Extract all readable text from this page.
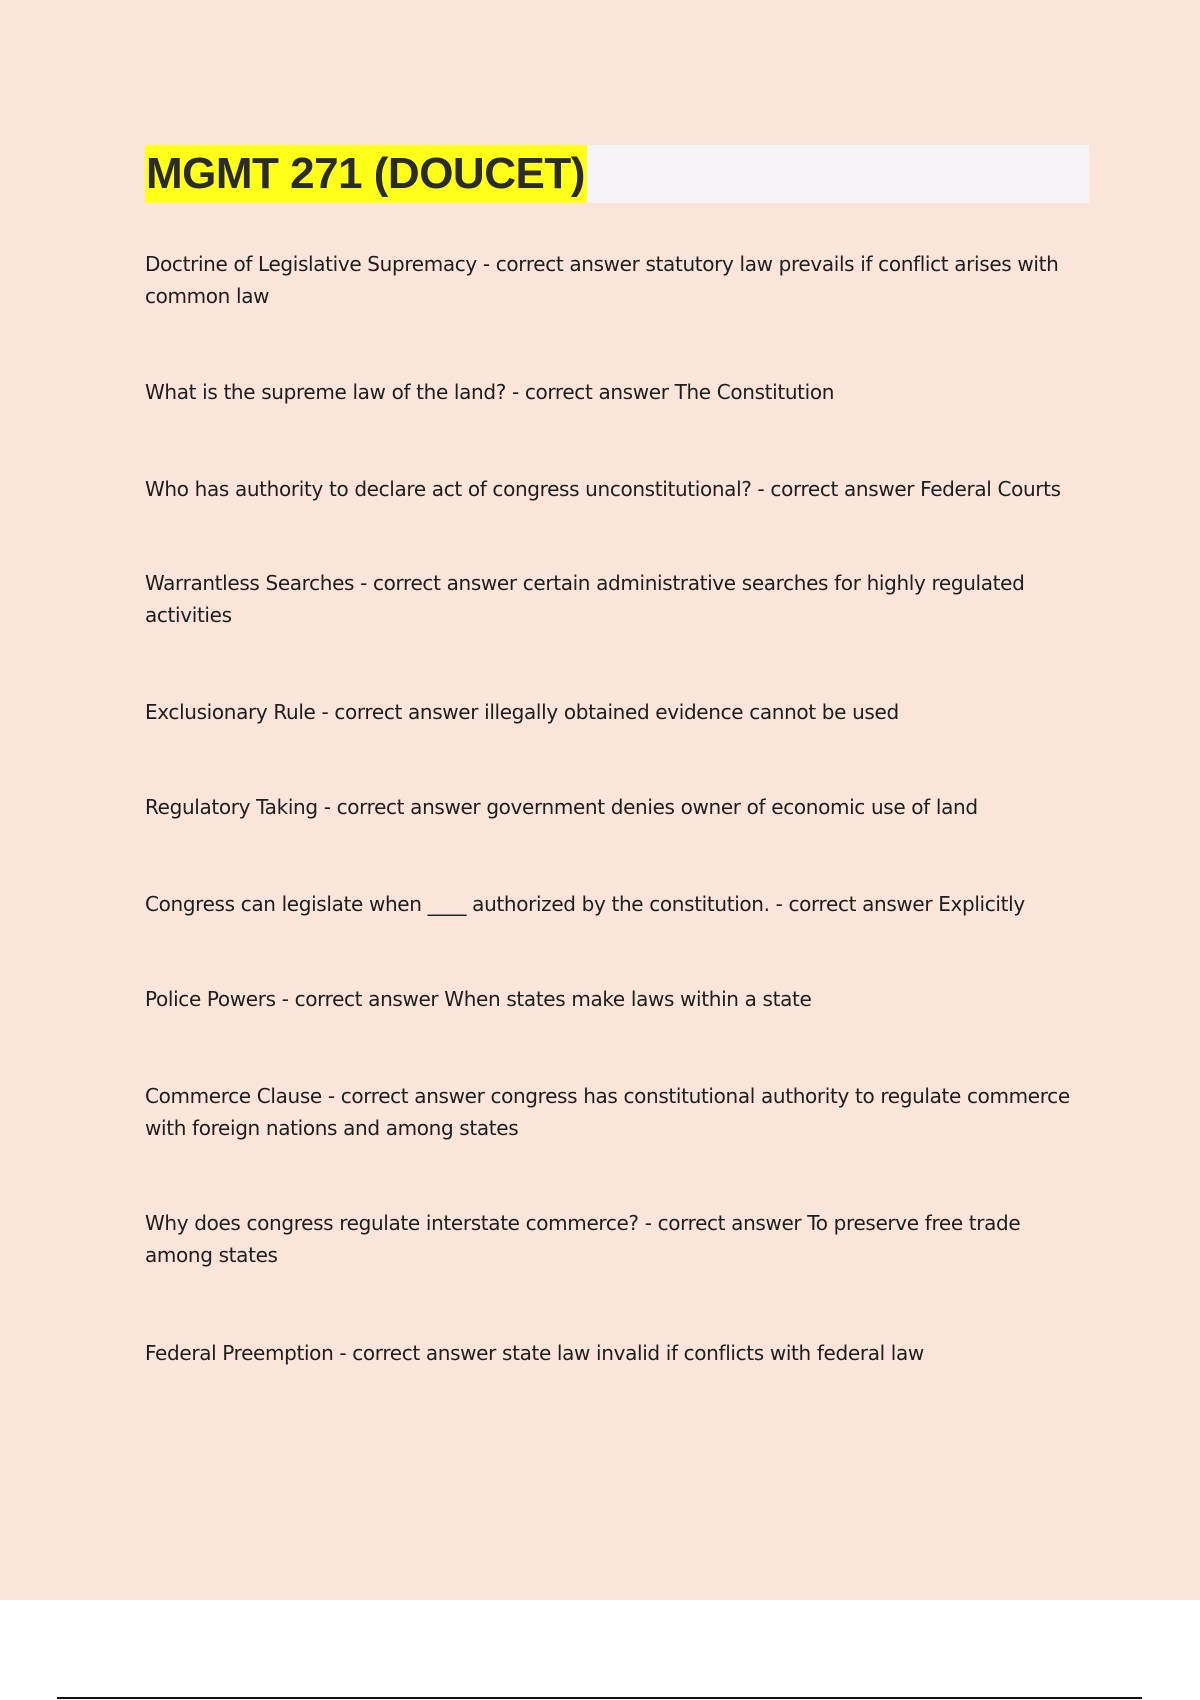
MGMT 271 (DOUCET)

Doctrine of Legislative Supremacy - correct answer statutory law prevails if conflict arises with common law

What is the supreme law of the land? - correct answer The Constitution

Who has authority to declare act of congress unconstitutional? - correct answer Federal Courts

Warrantless Searches - correct answer certain administrative searches for highly regulated activities

Exclusionary Rule - correct answer illegally obtained evidence cannot be used

Regulatory Taking - correct answer government denies owner of economic use of land

Congress can legislate when ____ authorized by the constitution. - correct answer Explicitly

Police Powers - correct answer When states make laws within a state

Commerce Clause - correct answer congress has constitutional authority to regulate commerce with foreign nations and among states

Why does congress regulate interstate commerce? - correct answer To preserve free trade among states

Federal Preemption - correct answer state law invalid if conflicts with federal law
